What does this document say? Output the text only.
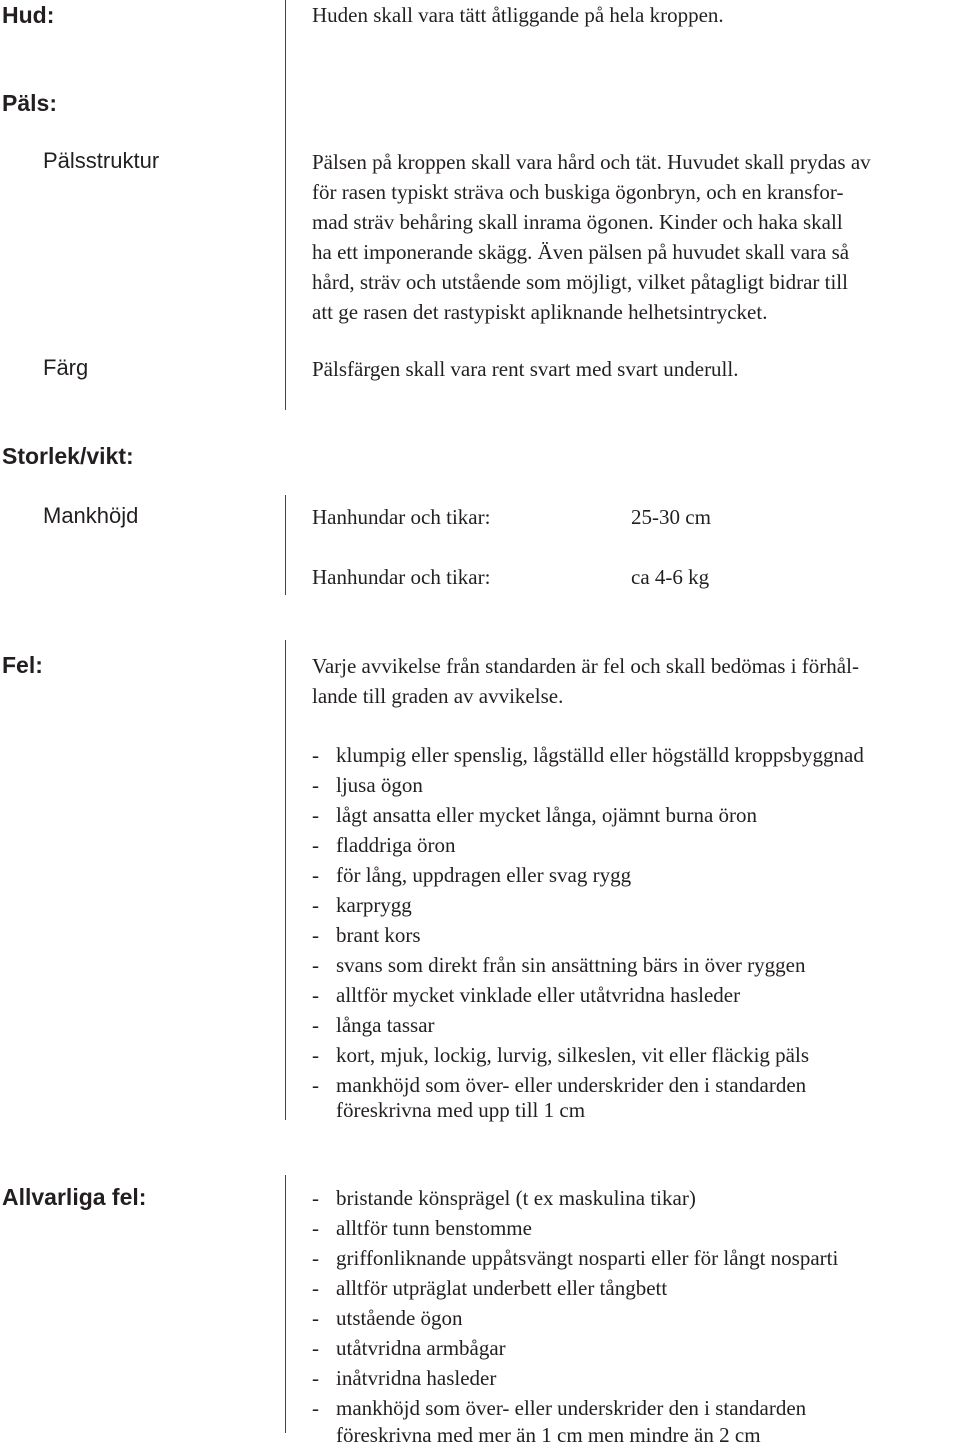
Hud:	Huden skall vara tätt åtliggande på hela kroppen.
Päls:
Pälsstruktur	Pälsen på kroppen skall vara hård och tät. Huvudet skall prydas av
för rasen typiskt sträva och buskiga ögonbryn, och en kransfor-
mad sträv behåring skall inrama ögonen. Kinder och haka skall
ha ett imponerande skägg. Även pälsen på huvudet skall vara så
hård, sträv och utstående som möjligt, vilket påtagligt bidrar till
att ge rasen det rastypiskt apliknande helhetsintrycket.
Färg	Pälsfärgen skall vara rent svart med svart underull.
Storlek/vikt:
Mankhöjd	Hanhundar och tikar:	25-30 cm
Hanhundar och tikar:	ca 4-6 kg
Fel:	Varje avvikelse från standarden är fel och skall bedömas i förhål-
lande till graden av avvikelse.
- klumpig eller spenslig, lågställd eller högställd kroppsbyggnad
- ljusa ögon
- lågt ansatta eller mycket långa, ojämnt burna öron
- fladdriga öron
- för lång, uppdragen eller svag rygg
- karprygg
- brant kors
- svans som direkt från sin ansättning bärs in över ryggen
- alltför mycket vinklade eller utåtvridna hasleder
- långa tassar
- kort, mjuk, lockig, lurvig, silkeslen, vit eller fläckig päls
- mankhöjd som över- eller underskrider den i standarden
föreskrivna med upp till 1 cm
Allvarliga fel:
-	bristande könsprägel (t ex maskulina tikar)
- alltför tunn benstomme
- griffonliknande uppåtsvängt nosparti eller för långt nosparti
- alltför utpräglat underbett eller tångbett
- utstående ögon
- utåtvridna armbågar
- inåtvridna hasleder
- mankhöjd som över- eller underskrider den i standarden
föreskrivna med mer än 1 cm men mindre än 2 cm
